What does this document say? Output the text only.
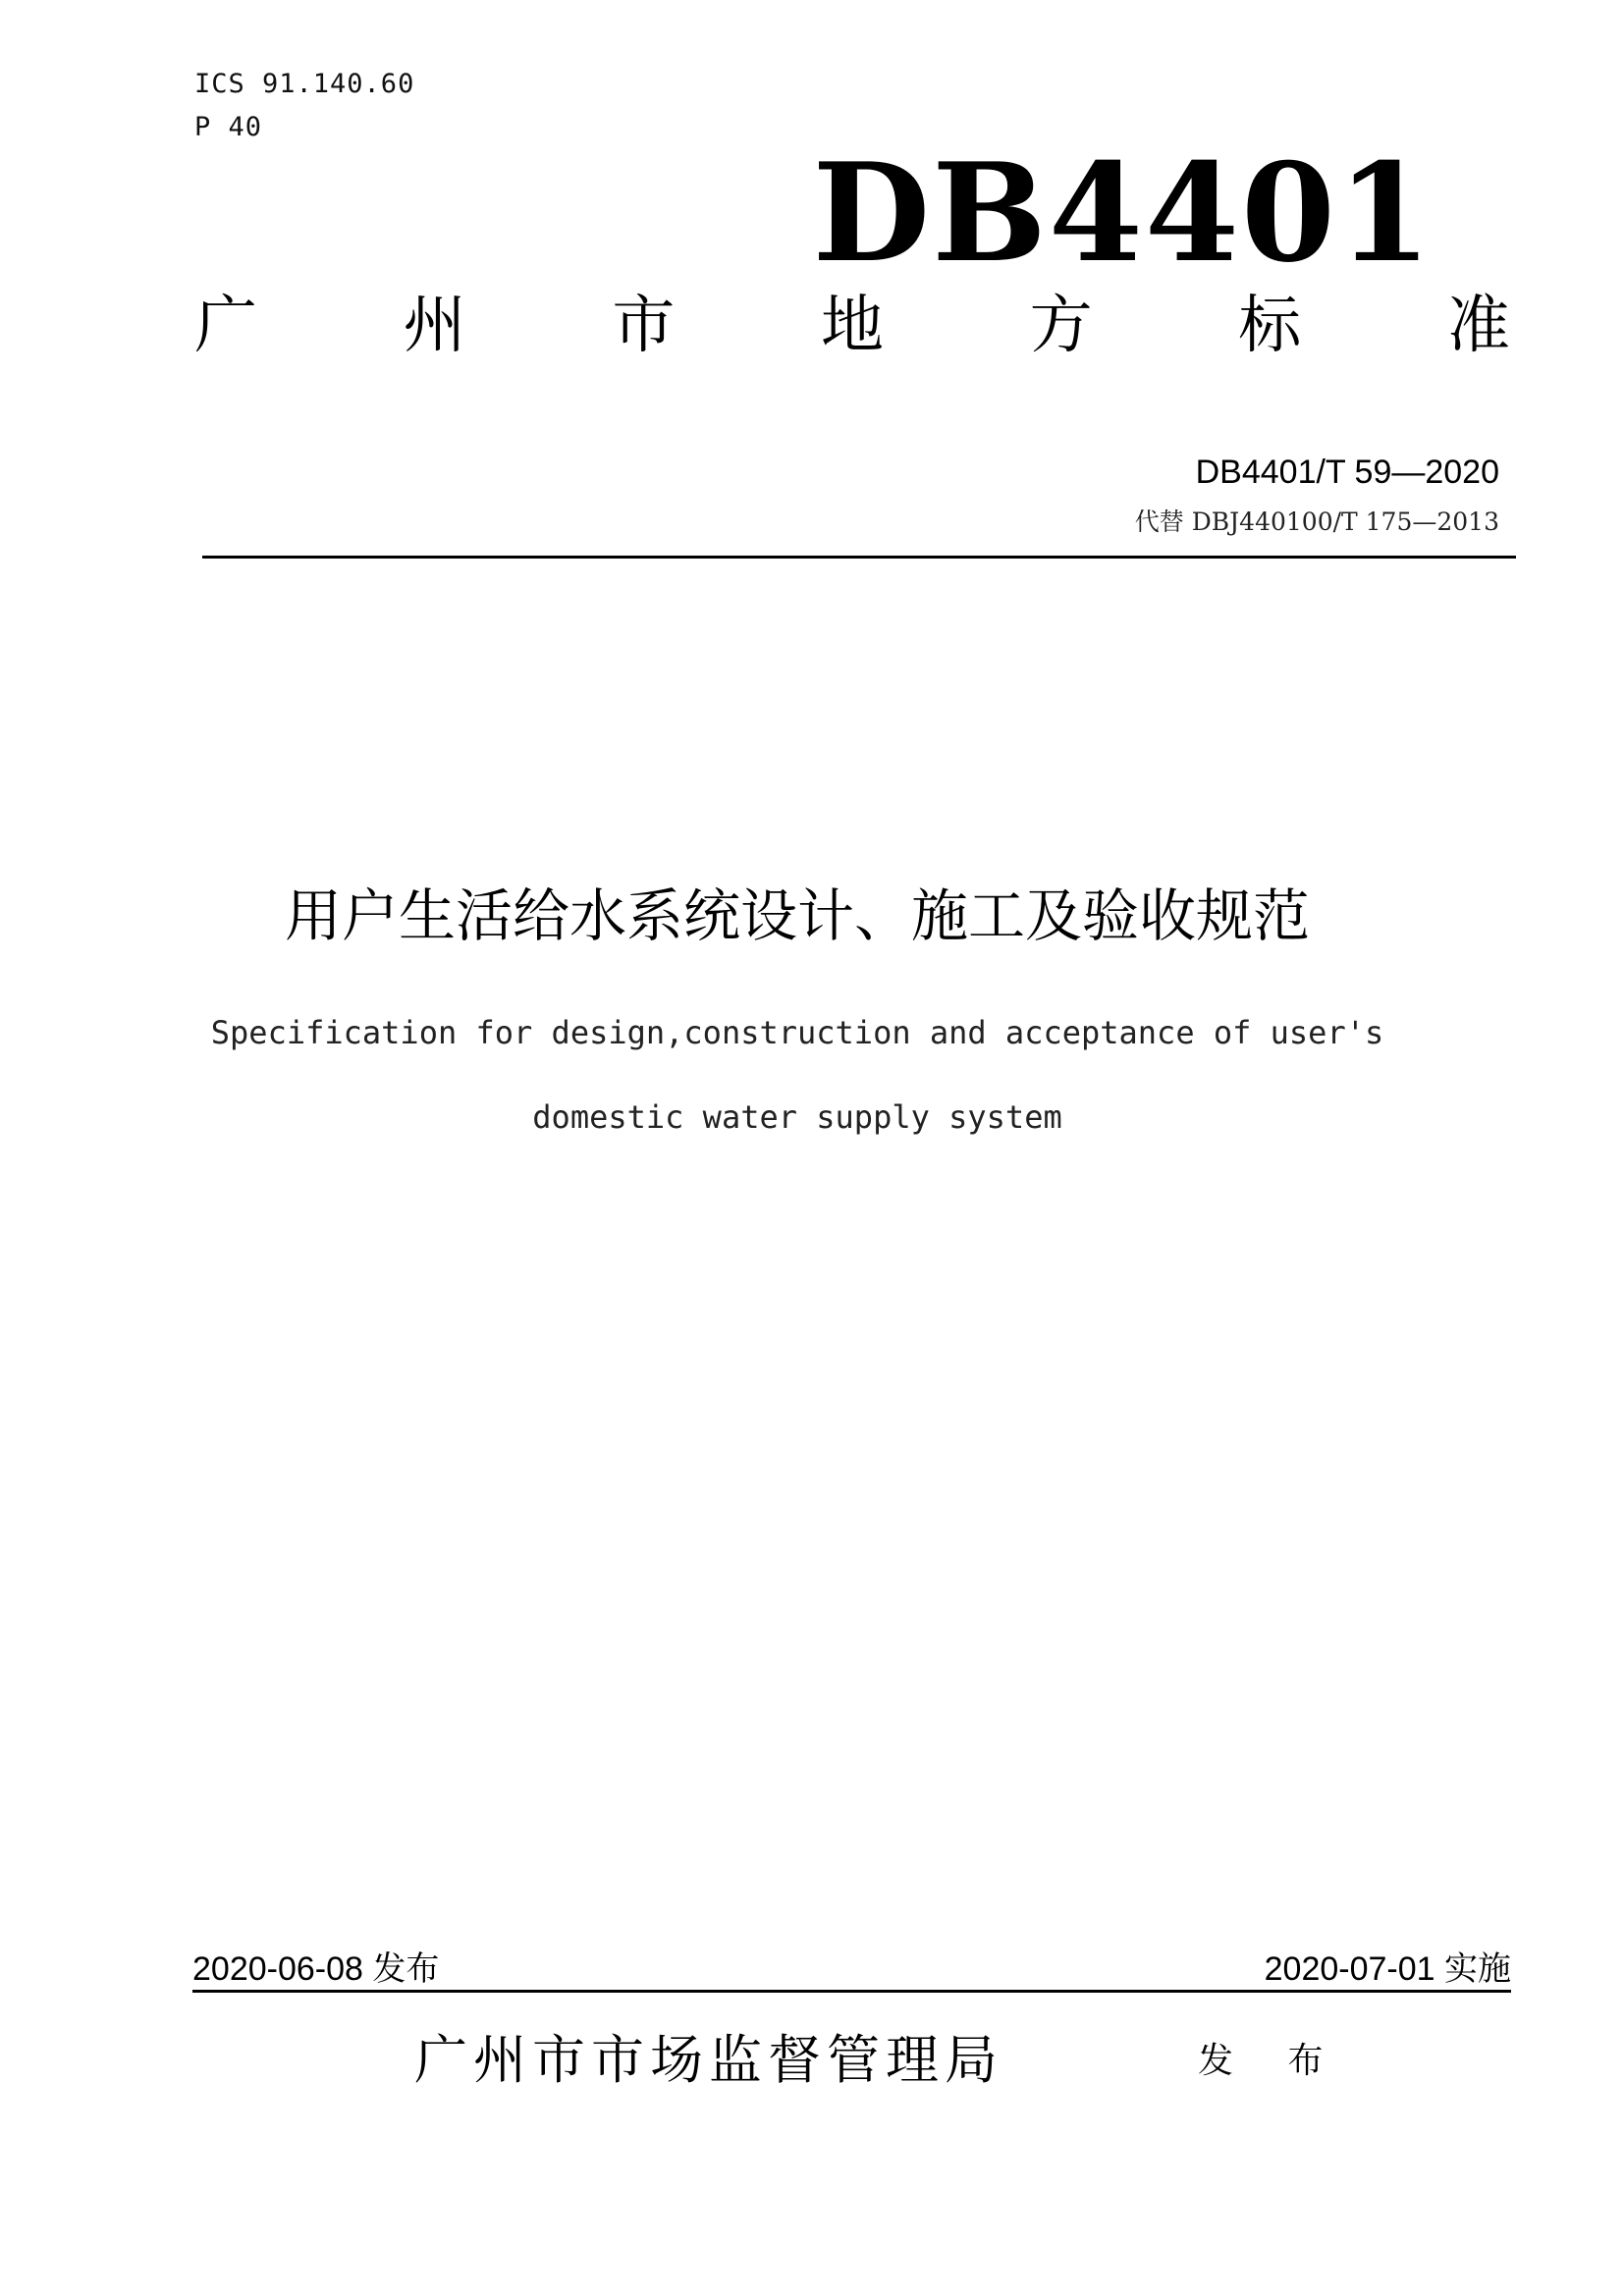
ICS 91.140.60
P 40
DB4401
广 州 市 地 方 标 准
DB4401/T 59—2020
代替 DBJ440100/T 175—2013
用户生活给水系统设计、施工及验收规范
Specification for design,construction and acceptance of user's
domestic water supply system
2020-06-08 发布	2020-07-01 实施
广州市市场监督管理局	发 布
